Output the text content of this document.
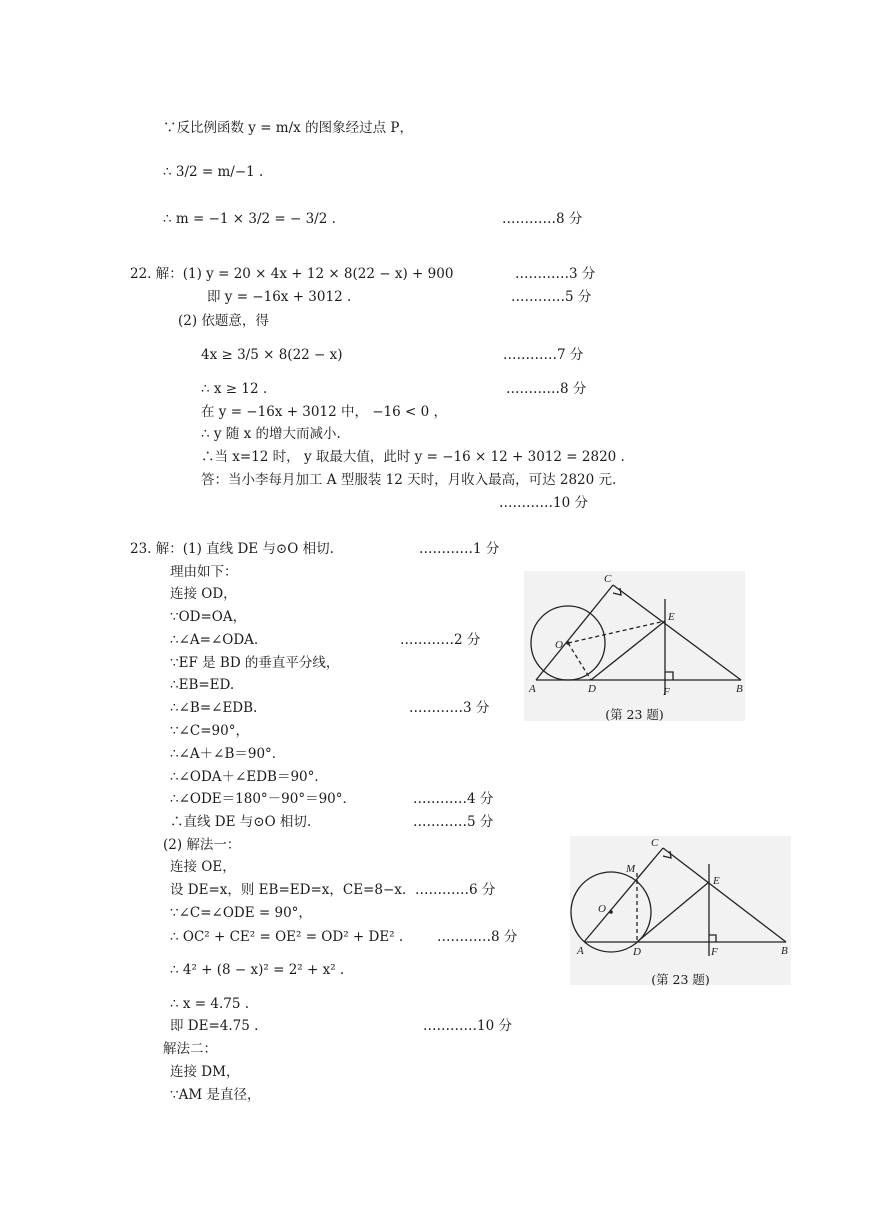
∵反比例函数 y = m/x 的图象经过点 P，
∴ 3/2 = m/−1 .
∴ m = −1 × 3/2 = − 3/2 .	…………8 分
22. 解：(1) y = 20 × 4x + 12 × 8(22 − x) + 900	…………3 分
即 y = −16x + 3012 .	…………5 分
(2) 依题意，得
4x ≥ 3/5 × 8(22 − x)	…………7 分
∴ x ≥ 12 .	…………8 分
在 y = −16x + 3012 中， −16 < 0 ，
∴ y 随 x 的增大而减小.
∴当 x=12 时， y 取最大值，此时 y = −16 × 12 + 3012 = 2820 .
答：当小李每月加工 A 型服装 12 天时，月收入最高，可达 2820 元.
…………10 分
23. 解：(1) 直线 DE 与⊙O 相切.	…………1 分
理由如下：
连接 OD，
∵OD=OA，
∴∠A=∠ODA.	…………2 分
∵EF 是 BD 的垂直平分线，
∴EB=ED.
∴∠B=∠EDB.	…………3 分
∵∠C=90°，
∴∠A＋∠B＝90°．
∴∠ODA＋∠EDB＝90°．
∴∠ODE＝180°－90°＝90°．	…………4 分
∴直线 DE 与⊙O 相切.	…………5 分
(2) 解法一：
连接 OE，
设 DE=x，则 EB=ED=x，CE=8−x. …………6 分
∵∠C=∠ODE = 90°，
∴ OC² + CE² = OE² = OD² + DE² .	…………8 分
∴ 4² + (8 − x)² = 2² + x² .
∴ x = 4.75 .
即 DE=4.75 .	…………10 分
解法二：
连接 DM，
∵AM 是直径，
A	D	F	B
C
E
O
(第 23 题)
A	D	F	B
C
E
O
M
(第 23 题)
